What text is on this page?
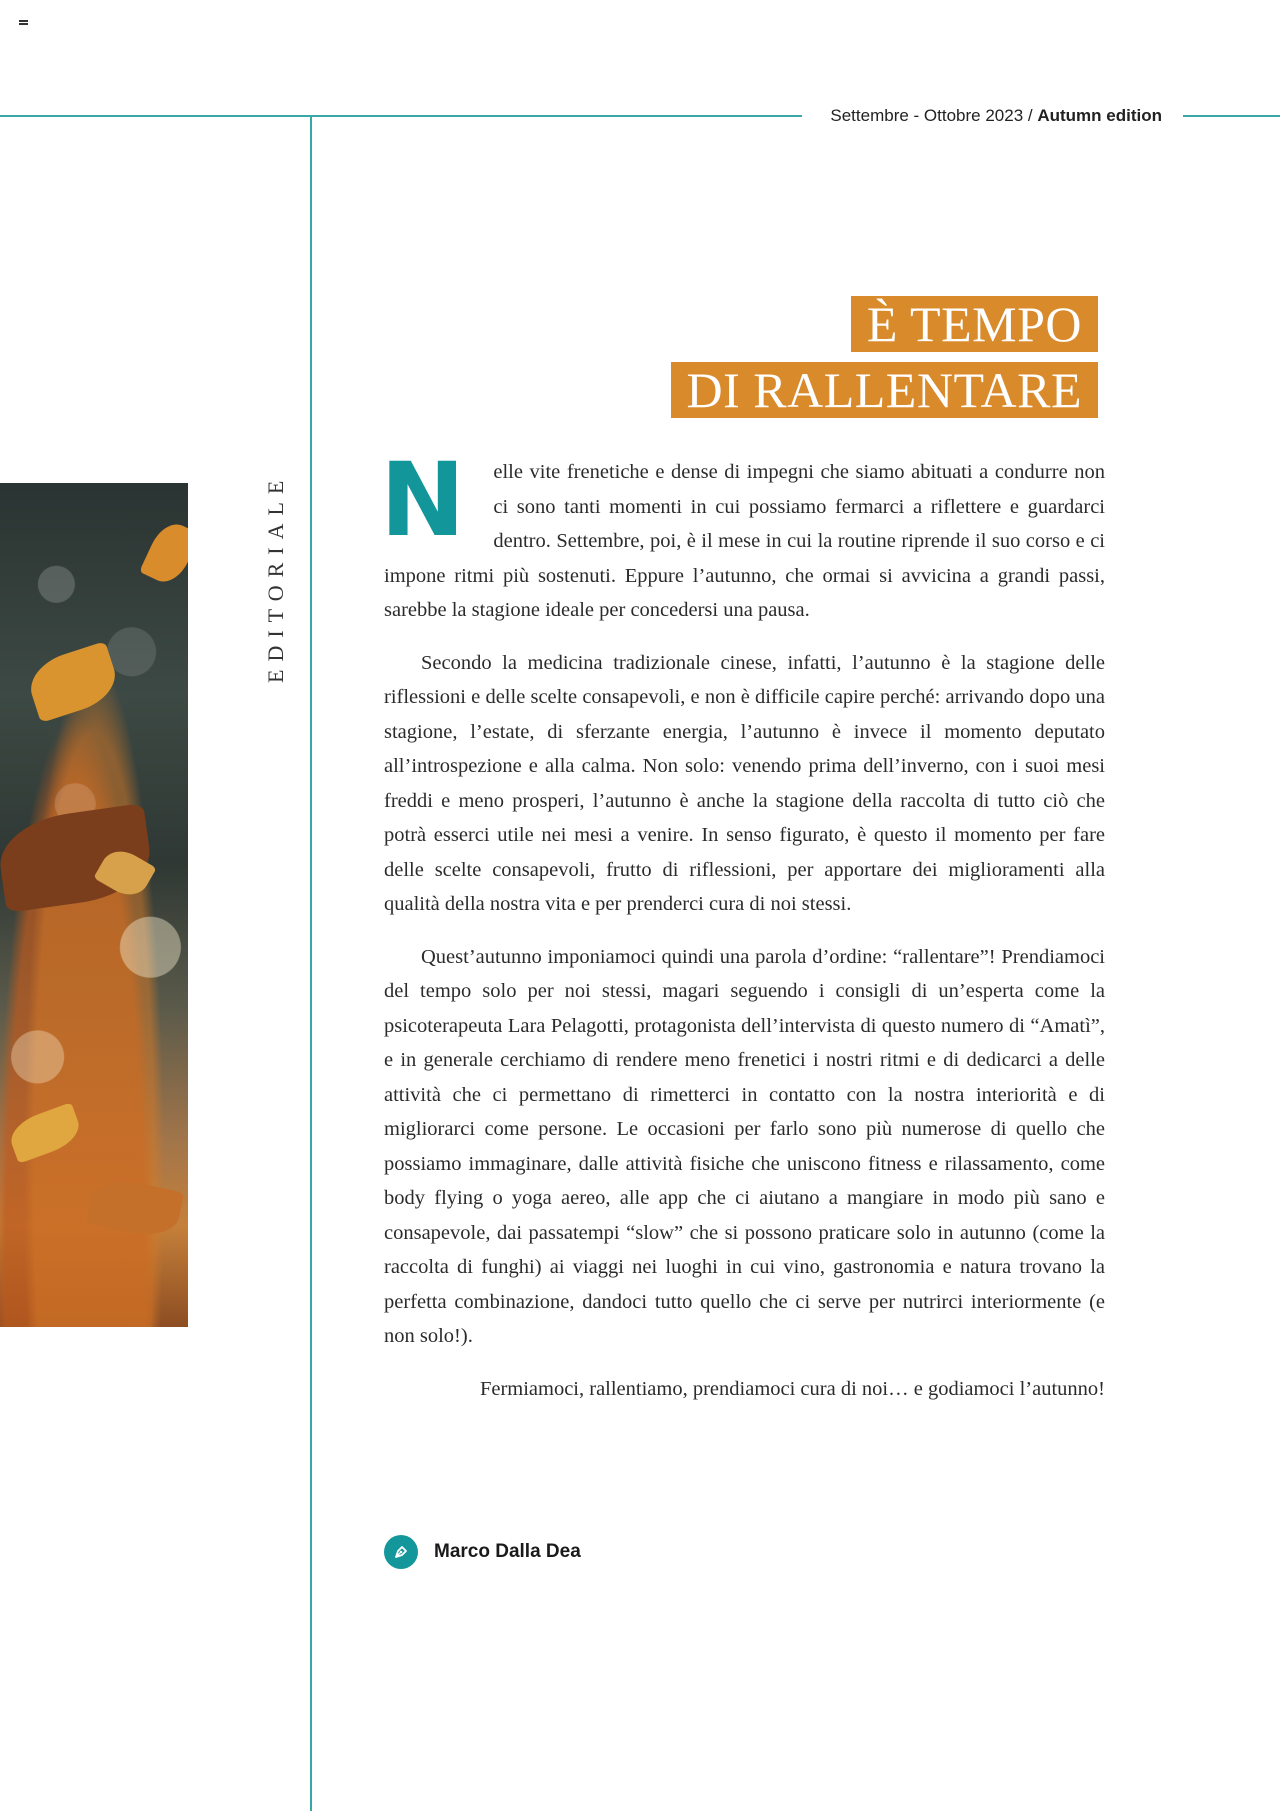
Settembre - Ottobre 2023 / Autumn edition
EDITORIALE
È TEMPO
DI RALLENTARE

N elle vite frenetiche e dense di impegni che siamo abituati a condurre non ci sono tanti momenti in cui possiamo fermarci a riflettere e guardarci dentro. Settembre, poi, è il mese in cui la routine riprende il suo corso e ci impone ritmi più sostenuti. Eppure l’autunno, che ormai si avvicina a grandi passi, sarebbe la stagione ideale per concedersi una pausa.

Secondo la medicina tradizionale cinese, infatti, l’autunno è la stagione delle riflessioni e delle scelte consapevoli, e non è difficile capire perché: arrivando dopo una stagione, l’estate, di sferzante energia, l’autunno è invece il momento deputato all’introspezione e alla calma. Non solo: venendo prima dell’inverno, con i suoi mesi freddi e meno prosperi, l’autunno è anche la stagione della raccolta di tutto ciò che potrà esserci utile nei mesi a venire. In senso figurato, è questo il momento per fare delle scelte consapevoli, frutto di riflessioni, per apportare dei miglioramenti alla qualità della nostra vita e per prenderci cura di noi stessi.

Quest’autunno imponiamoci quindi una parola d’ordine: “rallentare”! Prendiamoci del tempo solo per noi stessi, magari seguendo i consigli di un’esperta come la psicoterapeuta Lara Pelagotti, protagonista dell’intervista di questo numero di “Amatì”, e in generale cerchiamo di rendere meno frenetici i nostri ritmi e di dedicarci a delle attività che ci permettano di rimetterci in contatto con la nostra interiorità e di migliorarci come persone. Le occasioni per farlo sono più numerose di quello che possiamo immaginare, dalle attività fisiche che uniscono fitness e rilassamento, come body flying o yoga aereo, alle app che ci aiutano a mangiare in modo più sano e consapevole, dai passatempi “slow” che si possono praticare solo in autunno (come la raccolta di funghi) ai viaggi nei luoghi in cui vino, gastronomia e natura trovano la perfetta combinazione, dandoci tutto quello che ci serve per nutrirci interiormente (e non solo!).

Fermiamoci, rallentiamo, prendiamoci cura di noi… e godiamoci l’autunno!

Marco Dalla Dea
